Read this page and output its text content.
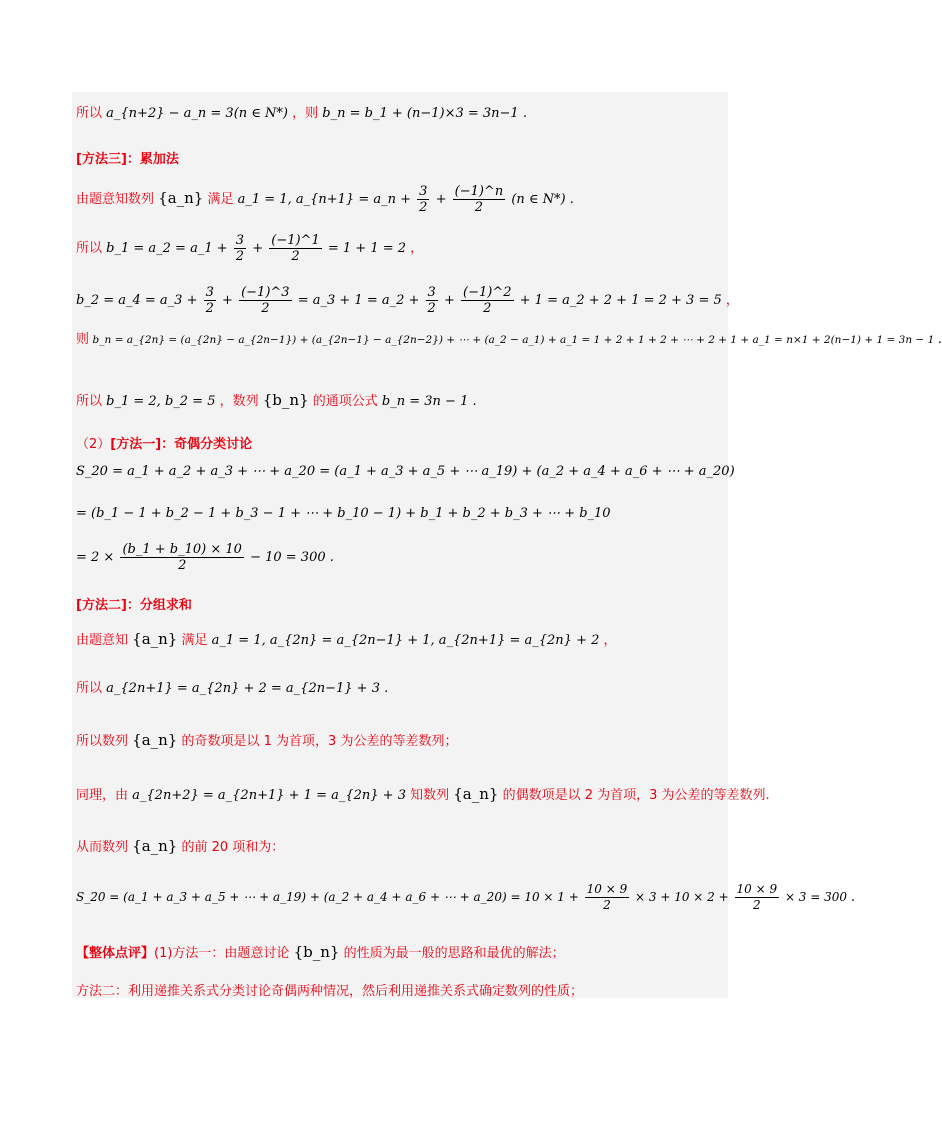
所以 a_{n+2} − a_n = 3(n ∈ N*) ，则 b_n = b_1 + (n−1)×3 = 3n−1 .
[方法三]：累加法
由题意知数列 {a_n} 满足 a_1 = 1, a_{n+1} = a_n + $\frac{3}{2} + \frac{(-1)\^{}n}{2} (n$ ∈ N*) .
所以 b_1 = a_2 = a_1 + $\frac{3}{2} + \frac{(-1)\^{}1}{2} = 1 + 1 = 2$ ，
b_2 = a_4 = a_3 + $\frac{3}{2} + \frac{(-1)\^{}3}{2}$ = a_3 + 1 = a_2 + $\frac{3}{2} + \frac{(-1)\^{}2}{2} + 1$ = a_2 + 2 + 1 = 2 + 3 = 5 ，
则 b_n = a_{2n} = (a_{2n} − a_{2n−1}) + (a_{2n−1} − a_{2n−2}) + ⋯ + (a_2 − a_1) + a_1 = 1 + 2 + 1 + 2 + ⋯ + 2 + 1 + a_1 = n×1 + 2(n−1) + 1 = 3n − 1 .
所以 b_1 = 2, b_2 = 5 ，数列 {b_n} 的通项公式 b_n = 3n − 1 .
（2）[方法一]：奇偶分类讨论
S_20 = a_1 + a_2 + a_3 + ⋯ + a_20 = (a_1 + a_3 + a_5 + ⋯ a_19) + (a_2 + a_4 + a_6 + ⋯ + a_20)
= (b_1 − 1 + b_2 − 1 + b_3 − 1 + ⋯ + b_10 − 1) + b_1 + b_2 + b_3 + ⋯ + b_10
= $2 \times \frac{(b\_1 + b\_10) \times 10}{2} - 10 = 300$ .
[方法二]：分组求和
由题意知 {a_n} 满足 a_1 = 1, a_{2n} = a_{2n−1} + 1, a_{2n+1} = a_{2n} + 2 ，
所以 a_{2n+1} = a_{2n} + 2 = a_{2n−1} + 3 .
所以数列 {a_n} 的奇数项是以 1 为首项，3 为公差的等差数列；
同理，由 a_{2n+2} = a_{2n+1} + 1 = a_{2n} + 3 知数列 {a_n} 的偶数项是以 2 为首项，3 为公差的等差数列.
从而数列 {a_n} 的前 20 项和为：
S_20 = (a_1 + a_3 + a_5 + ⋯ + a_19) + (a_2 + a_4 + a_6 + ⋯ + a_20) = $10 \times 1 + \frac{10 \times 9}{2} \times 3 + 10 \times 2 + \frac{10 \times 9}{2} \times 3 = 300$ .
【整体点评】(1)方法一：由题意讨论 {b_n} 的性质为最一般的思路和最优的解法；
方法二：利用递推关系式分类讨论奇偶两种情况，然后利用递推关系式确定数列的性质；
